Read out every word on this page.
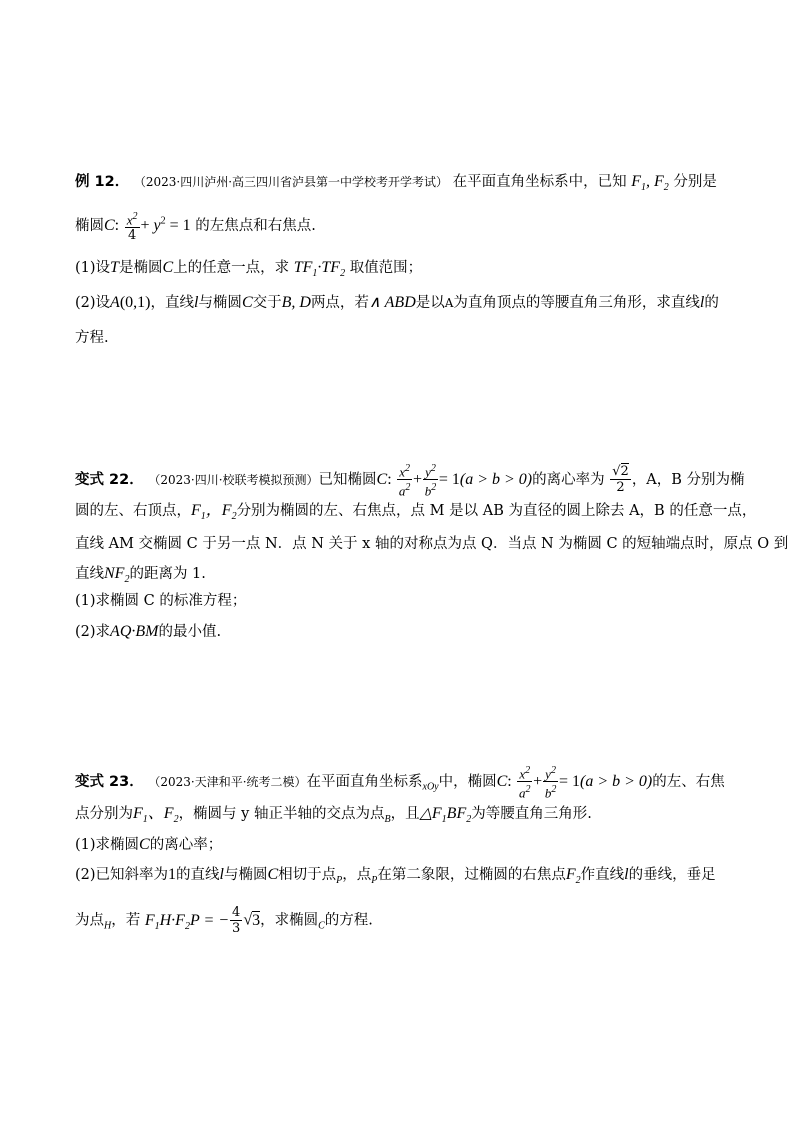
例 12． （2023·四川泸州·高三四川省泸县第一中学校考开学考试） 在平面直角坐标系中，已知 $F_1$, $F_2$ 分别是
椭圆C: $\frac{x^2}{4} + y^2 = 1$ 的左焦点和右焦点.
(1)设T是椭圆C上的任意一点，求 $TF_1\cdot TF_2$ 取值范围；
(2)设A(0,1)，直线l与椭圆C交于B, D两点，若∧ ABD是以A为直角顶点的等腰直角三角形，求直线l的
方程.
变式 22． （2023·四川·校联考模拟预测）已知椭圆C: $\frac{x^2}{a^2} + \frac{y^2}{b^2} = 1(a > b > 0)$的离心率为 $\frac{√2}{2}$ ，A，B 分别为椭
圆的左、右顶点，$F_1$，$F_2$分别为椭圆的左、右焦点，点 M 是以 AB 为直径的圆上除去 A，B 的任意一点，
直线 AM 交椭圆 C 于另一点 N．点 N 关于 x 轴的对称点为点 Q．当点 N 为椭圆 C 的短轴端点时，原点 O 到
直线$NF_2$的距离为 1.
(1)求椭圆 C 的标准方程；
(2)求AQ·BM的最小值.
变式 23． （2023·天津和平·统考二模）在平面直角坐标系$_{xOy}$中，椭圆C: $\frac{x^2}{a^2} + \frac{y^2}{b^2} = 1(a > b > 0)$的左、右焦
点分别为$F_1$、$F_2$，椭圆与 y 轴正半轴的交点为点$_B$，且$\triangle F_1BF_2$为等腰直角三角形.
(1)求椭圆C的离心率；
(2)已知斜率为1的直线l与椭圆C相切于点$_P$，点$_P$在第二象限，过椭圆的右焦点$F_2$作直线l的垂线，垂足
为点$_H$，若 $F_1H\cdot F_2P$ = − $\frac{4}{3} √3$，求椭圆$_C$的方程.
